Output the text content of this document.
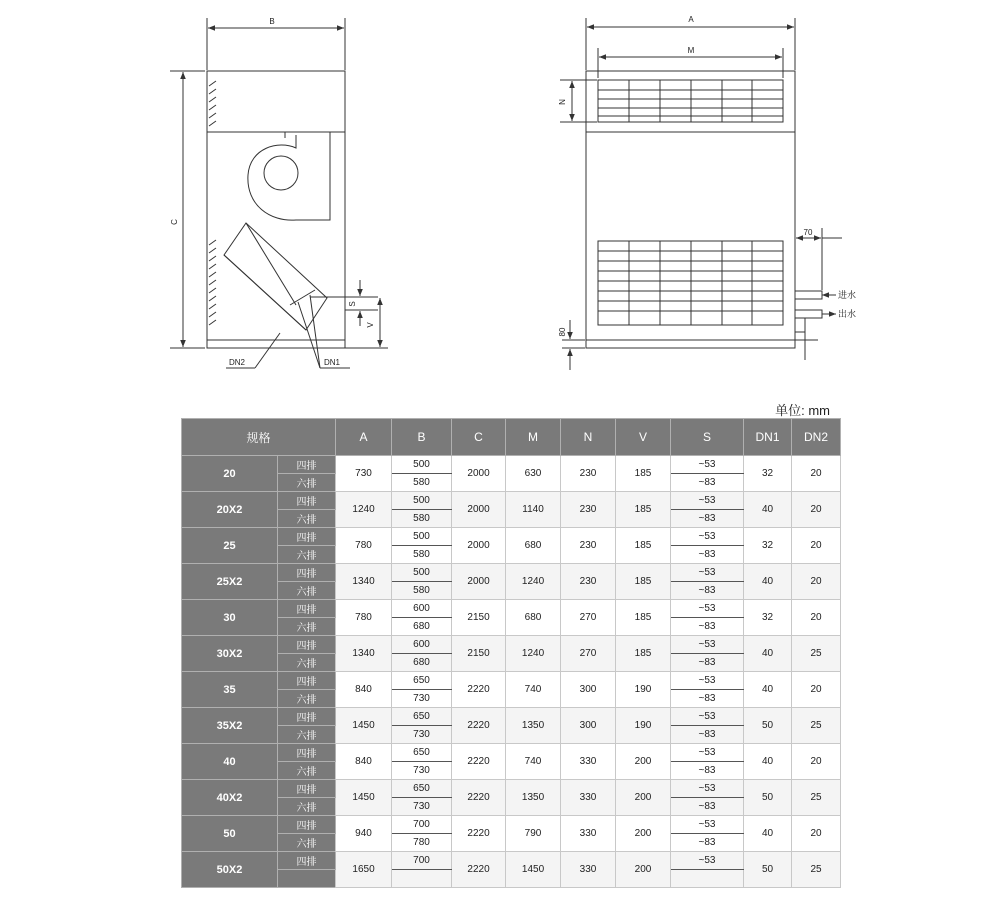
B
C
S
V
DN2	DN1
A
M
N
70
80
进水
出水
单位: mm
规格		A	B	C	M	N	V	S	DN1	DN2
20	四排	730	500	2000	630	230	185	~53	32	20
	六排		580					~83		
20X2	四排	1240	500	2000	1140	230	185	~53	40	20
	六排		580					~83		
25	四排	780	500	2000	680	230	185	~53	32	20
	六排		580					~83		
25X2	四排	1340	500	2000	1240	230	185	~53	40	20
	六排		580					~83		
30	四排	780	600	2150	680	270	185	~53	32	20
	六排		680					~83		
30X2	四排	1340	600	2150	1240	270	185	~53	40	25
	六排		680					~83		
35	四排	840	650	2220	740	300	190	~53	40	20
	六排		730					~83		
35X2	四排	1450	650	2220	1350	300	190	~53	50	25
	六排		730					~83		
40	四排	840	650	2220	740	330	200	~53	40	20
	六排		730					~83		
40X2	四排	1450	650	2220	1350	330	200	~53	50	25
	六排		730					~83		
50	四排	940	700	2220	790	330	200	~53	40	20
	六排		780					~83		
50X2	四排	1650	700	2220	1450	330	200	~53	50	25
